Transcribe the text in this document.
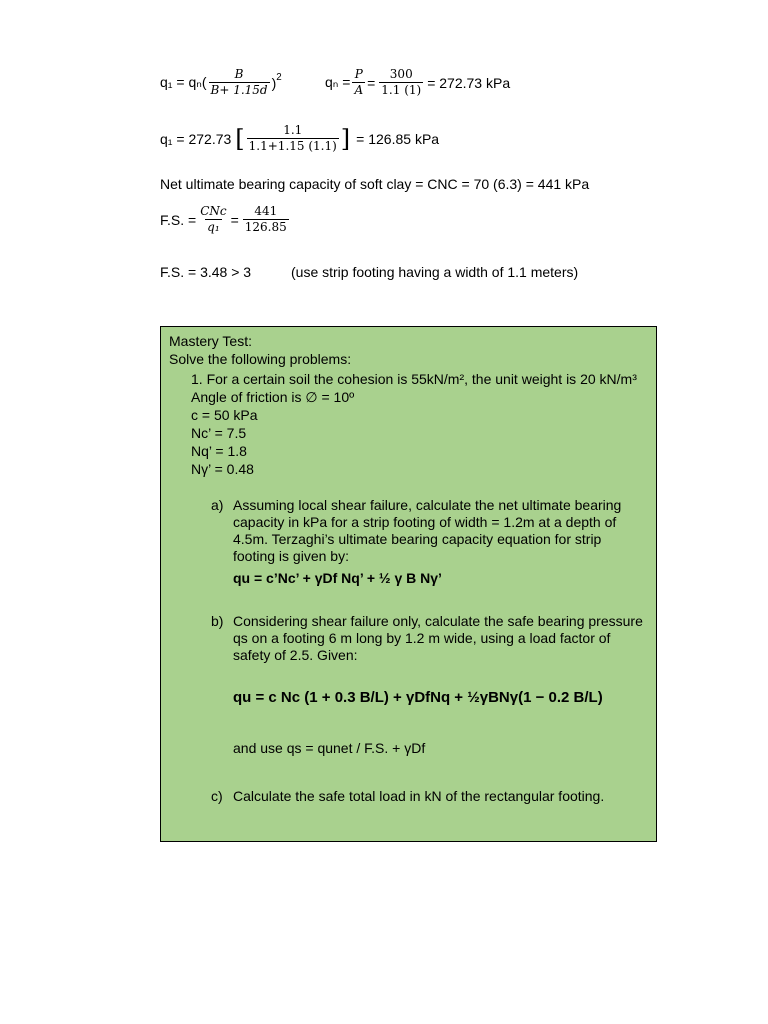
$q_1 = q_n( \frac{B}{B+ 1.15d} )^2$	$q_n = \frac{P}{A} = \frac{300}{1.1 (1)} = 272.73$ kPa
q₁ = 272.73 [ $\frac{1.1}{1.1+1.15 (1.1)}$ ] = 126.85 kPa
Net ultimate bearing capacity of soft clay = CNC = 70 (6.3) = 441 kPa
F.S. = $\frac{\text{CNc}}{\text{q₁}} = \frac{441}{126.85}$
F.S. = 3.48 > 3	(use strip footing having a width of 1.1 meters)
Mastery Test:
Solve the following problems:
1. For a certain soil the cohesion is 55kN/m², the unit weight is 20 kN/m³
Angle of friction is ∅ = 10º
c = 50 kPa
Nc’ = 7.5
Nq’ = 1.8
Nγ’ = 0.48
a) Assuming local shear failure, calculate the net ultimate bearing
capacity in kPa for a strip footing of width = 1.2m at a depth of
4.5m. Terzaghi’s ultimate bearing capacity equation for strip
footing is given by:
qu = c’Nc’ + γDf Nq’ + ½ γ B Nγ’
b) Considering shear failure only, calculate the safe bearing pressure
qs on a footing 6 m long by 1.2 m wide, using a load factor of
safety of 2.5. Given:
qu = c Nc (1 + 0.3 B/L) + γDfNq + ½γBNγ(1 − 0.2 B/L)
and use qs = qunet / F.S. + γDf
c) Calculate the safe total load in kN of the rectangular footing.
